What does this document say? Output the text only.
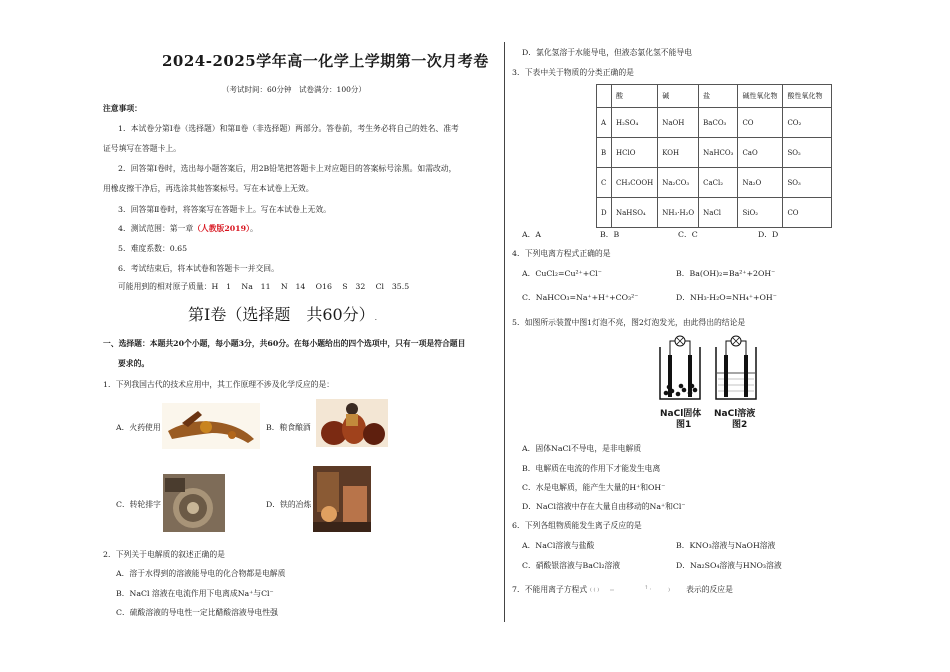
2024-2025学年高一化学上学期第一次月考卷
（考试时间：60分钟　试卷满分：100分）
注意事项：
1．本试卷分第Ⅰ卷（选择题）和第Ⅱ卷（非选择题）两部分。答卷前，考生务必将自己的姓名、准考
证号填写在答题卡上。
2．回答第Ⅰ卷时，选出每小题答案后，用2B铅笔把答题卡上对应题目的答案标号涂黑。如需改动，
用橡皮擦干净后，再选涂其他答案标号。写在本试卷上无效。
3．回答第Ⅱ卷时，将答案写在答题卡上。写在本试卷上无效。
4．测试范围：第一章（人教版2019）。
5．难度系数：0.65
6．考试结束后，将本试卷和答题卡一并交回。
可能用到的相对原子质量：H　1　 Na　11　 N　14　 O16　 S　32　 Cl　35.5
第Ⅰ卷（选择题　共60分）.
一、选择题：本题共20个小题，每小题3分，共60分。在每小题给出的四个选项中，只有一项是符合题目
要求的。
1．下列我国古代的技术应用中，其工作原理不涉及化学反应的是：
A．火药使用	B．粮食酿酒
C．转轮排字	D．铁的冶炼
2．下列关于电解质的叙述正确的是
A．溶于水得到的溶液能导电的化合物都是电解质
B．NaCl 溶液在电流作用下电离成Na⁺与Cl⁻
C．硫酸溶液的导电性一定比醋酸溶液导电性强
D．氯化氢溶于水能导电，但液态氯化氢不能导电
3．下表中关于物质的分类正确的是
	酸	碱	盐	碱性氧化物	酸性氧化物
A	H₂SO₄	NaOH	BaCO₃	CO	CO₂
B	HClO	KOH	NaHCO₃	CaO	SO₂
C	CH₃COOH	Na₂CO₃	CaCl₂	Na₂O	SO₃
D	NaHSO₄	NH₃·H₂O	NaCl	SiO₂	CO
A．A	B．B	C．C	D．D
4．下列电离方程式正确的是
A．CuCl₂=Cu²⁺+Cl⁻	B．Ba(OH)₂=Ba²⁺+2OH⁻
C．NaHCO₃=Na⁺+H⁺+CO₃²⁻	D．NH₃·H₂O=NH₄⁺+OH⁻
5．如图所示装置中图1灯泡不亮，图2灯泡发光，由此得出的结论是
NaCl固体
图1
NaCl溶液
图2
A．固体NaCl不导电，是非电解质
B．电解质在电流的作用下才能发生电离
C．水是电解质，能产生大量的H⁺和OH⁻
D．NaCl溶液中存在大量自由移动的Na⁺和Cl⁻
6．下列各组物质能发生离子反应的是
A．NaCl溶液与盐酸	B．KNO₃溶液与NaOH溶液
C．硝酸银溶液与BaCl₂溶液	D．Na₂SO₄溶液与HNO₃溶液
7．不能用离子方程式 ( ( )	↑ ,	) 表示的反应是
